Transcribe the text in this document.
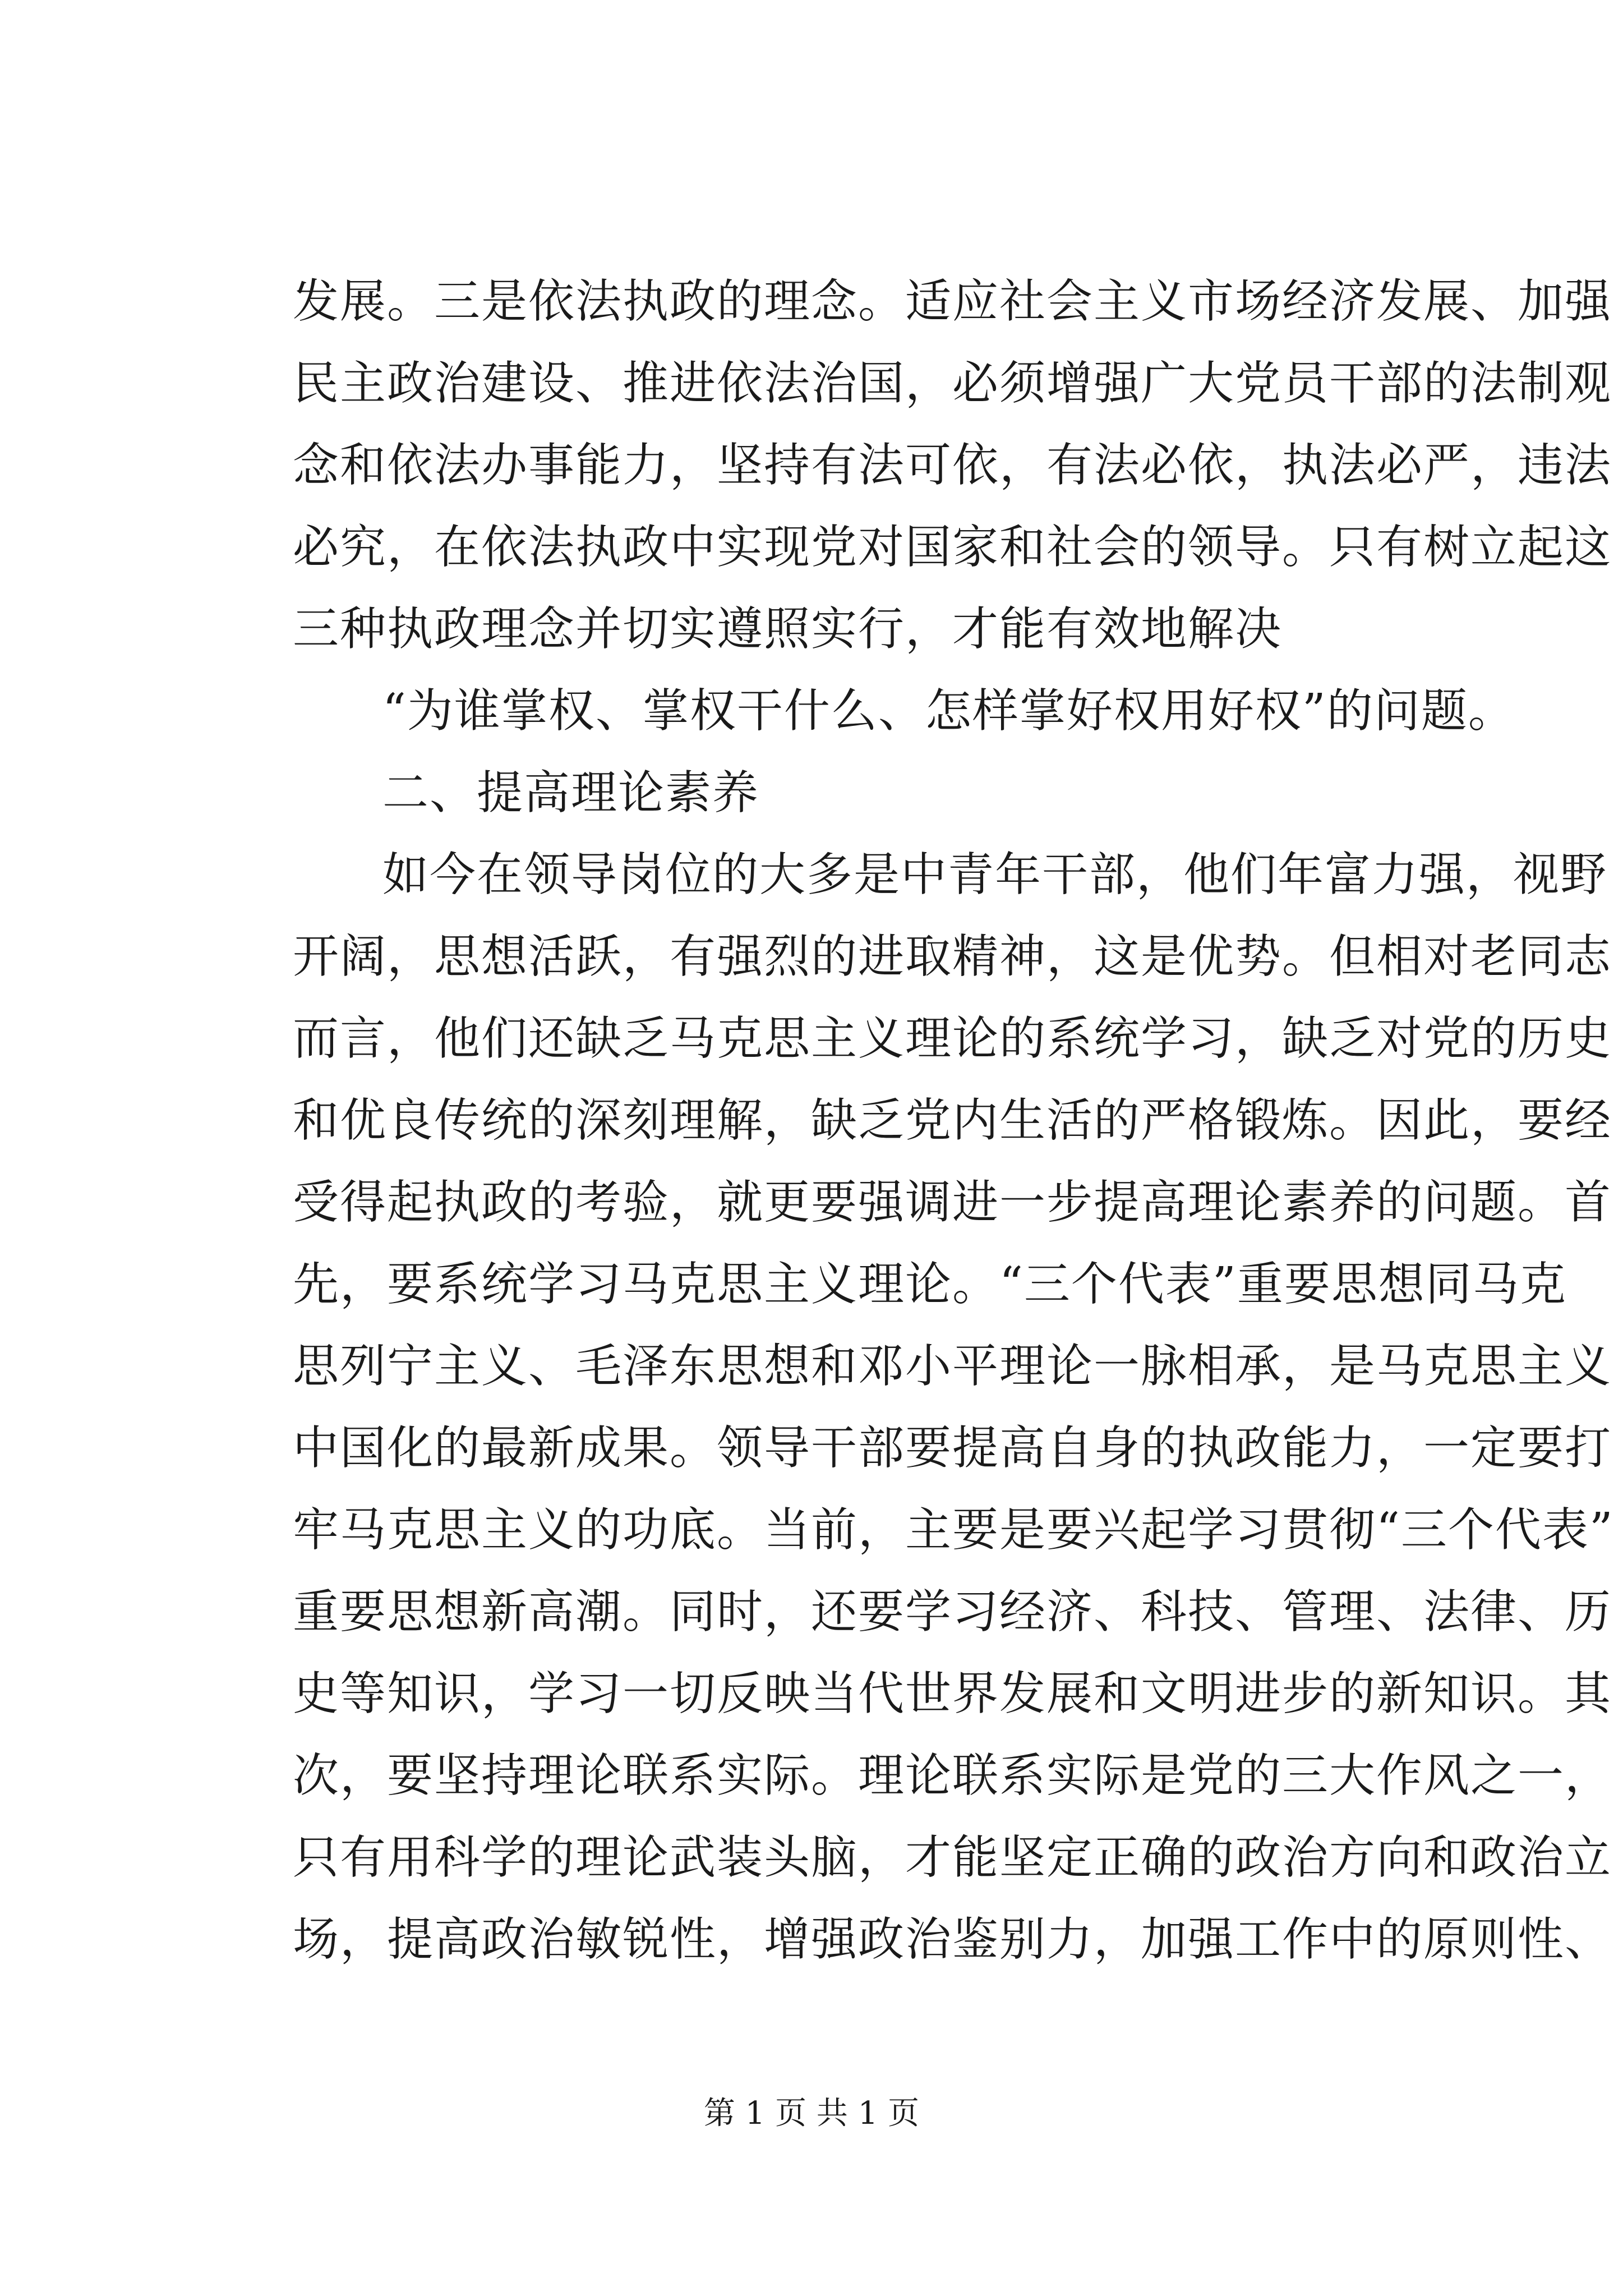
发展。三是依法执政的理念。适应社会主义市场经济发展、加强
民主政治建设、推进依法治国，必须增强广大党员干部的法制观
念和依法办事能力，坚持有法可依，有法必依，执法必严，违法
必究，在依法执政中实现党对国家和社会的领导。只有树立起这
三种执政理念并切实遵照实行，才能有效地解决
“为谁掌权、掌权干什么、怎样掌好权用好权”的问题。
二、提高理论素养
如今在领导岗位的大多是中青年干部，他们年富力强，视野
开阔，思想活跃，有强烈的进取精神，这是优势。但相对老同志
而言，他们还缺乏马克思主义理论的系统学习，缺乏对党的历史
和优良传统的深刻理解，缺乏党内生活的严格锻炼。因此，要经
受得起执政的考验，就更要强调进一步提高理论素养的问题。首
先，要系统学习马克思主义理论。“三个代表”重要思想同马克
思列宁主义、毛泽东思想和邓小平理论一脉相承，是马克思主义
中国化的最新成果。领导干部要提高自身的执政能力，一定要打
牢马克思主义的功底。当前，主要是要兴起学习贯彻“三个代表”
重要思想新高潮。同时，还要学习经济、科技、管理、法律、历
史等知识，学习一切反映当代世界发展和文明进步的新知识。其
次，要坚持理论联系实际。理论联系实际是党的三大作风之一，
只有用科学的理论武装头脑，才能坚定正确的政治方向和政治立
场，提高政治敏锐性，增强政治鉴别力，加强工作中的原则性、
第 1 页 共 1 页
